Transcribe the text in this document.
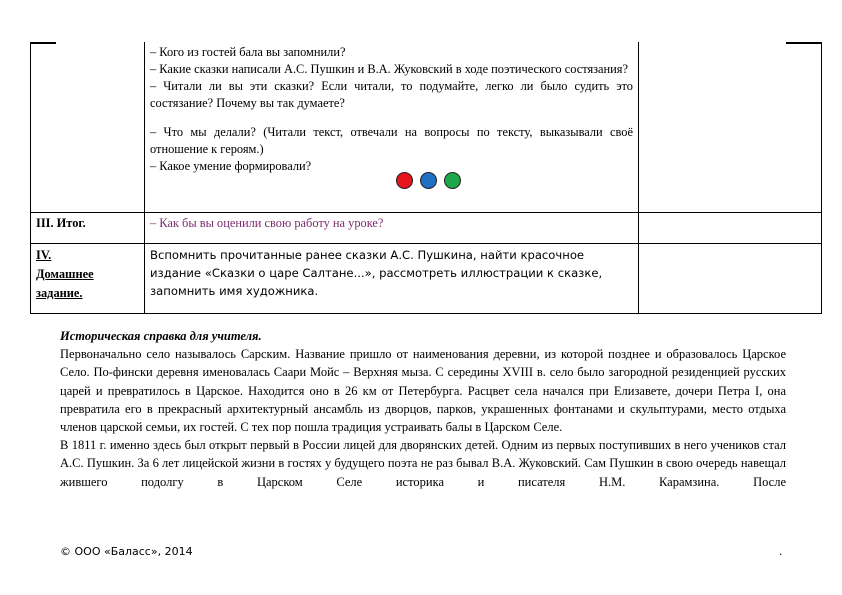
	– Кого из гостей бала вы запомнили?

– Какие сказки написали А.С. Пушкин и В.А. Жуковский в ходе поэтического состязания?

– Читали ли вы эти сказки? Если читали, то подумайте, легко ли было судить это состязание? Почему вы так думаете?

– Что мы делали? (Читали текст, отвечали на вопросы по тексту, выказывали своё отношение к героям.)

– Какое умение формировали?	

III. Итог.	– Как бы вы оценили свою работу на уроке?	

IV.Домашнее
задание.	Вспомнить прочитанные ранее сказки А.С. Пушкина, найти красочное издание «Сказки о царе Салтане...», рассмотреть иллюстрации к сказке, запомнить имя художника.	

Историческая справка для учителя.

Первоначально село называлось Сарским. Название пришло от наименования деревни, из которой позднее и образовалось Царское Село. По-фински деревня именовалась Саари Мойс – Верхняя мыза. С середины XVIII в. село было загородной резиденцией русских царей и превратилось в Царское. Находится оно в 26 км от Петербурга. Расцвет села начался при Елизавете, дочери Петра I, она превратила его в прекрасный архитектурный ансамбль из дворцов, парков, украшенных фонтанами и скульптурами, место отдыха членов царской семьи, их гостей. С тех пор пошла традиция устраивать балы в Царском Селе.

В 1811 г. именно здесь был открыт первый в России лицей для дворянских детей. Одним из первых поступивших в него учеников стал А.С. Пушкин. За 6 лет лицейской жизни в гостях у будущего поэта не раз бывал В.А. Жуковский. Сам Пушкин в свою очередь навещал жившего подолгу в Царском Селе историка и писателя Н.М. Карамзина. После

© ООО «Баласс», 2014	.
